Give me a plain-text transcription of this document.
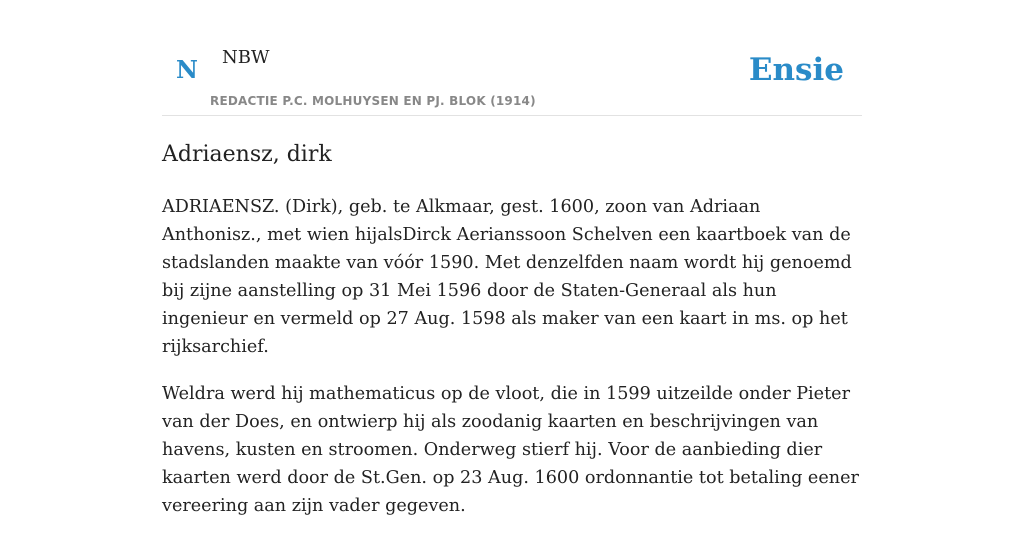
N NBW
REDACTIE P.C. MOLHUYSEN EN PJ. BLOK (1914)
Ensie
Adriaensz, dirk

ADRIAENSZ. (Dirk), geb. te Alkmaar, gest. 1600, zoon van Adriaan Anthonisz., met wien hijalsDirck Aerianssoon Schelven een kaartboek van de stadslanden maakte van vóór 1590. Met denzelfden naam wordt hij genoemd bij zijne aanstelling op 31 Mei 1596 door de Staten-Generaal als hun ingenieur en vermeld op 27 Aug. 1598 als maker van een kaart in ms. op het rijksarchief.

Weldra werd hij mathematicus op de vloot, die in 1599 uitzeilde onder Pieter van der Does, en ontwierp hij als zoodanig kaarten en beschrijvingen van havens, kusten en stroomen. Onderweg stierf hij. Voor de aanbieding dier kaarten werd door de St.Gen. op 23 Aug. 1600 ordonnantie tot betaling eener vereering aan zijn vader gegeven.
